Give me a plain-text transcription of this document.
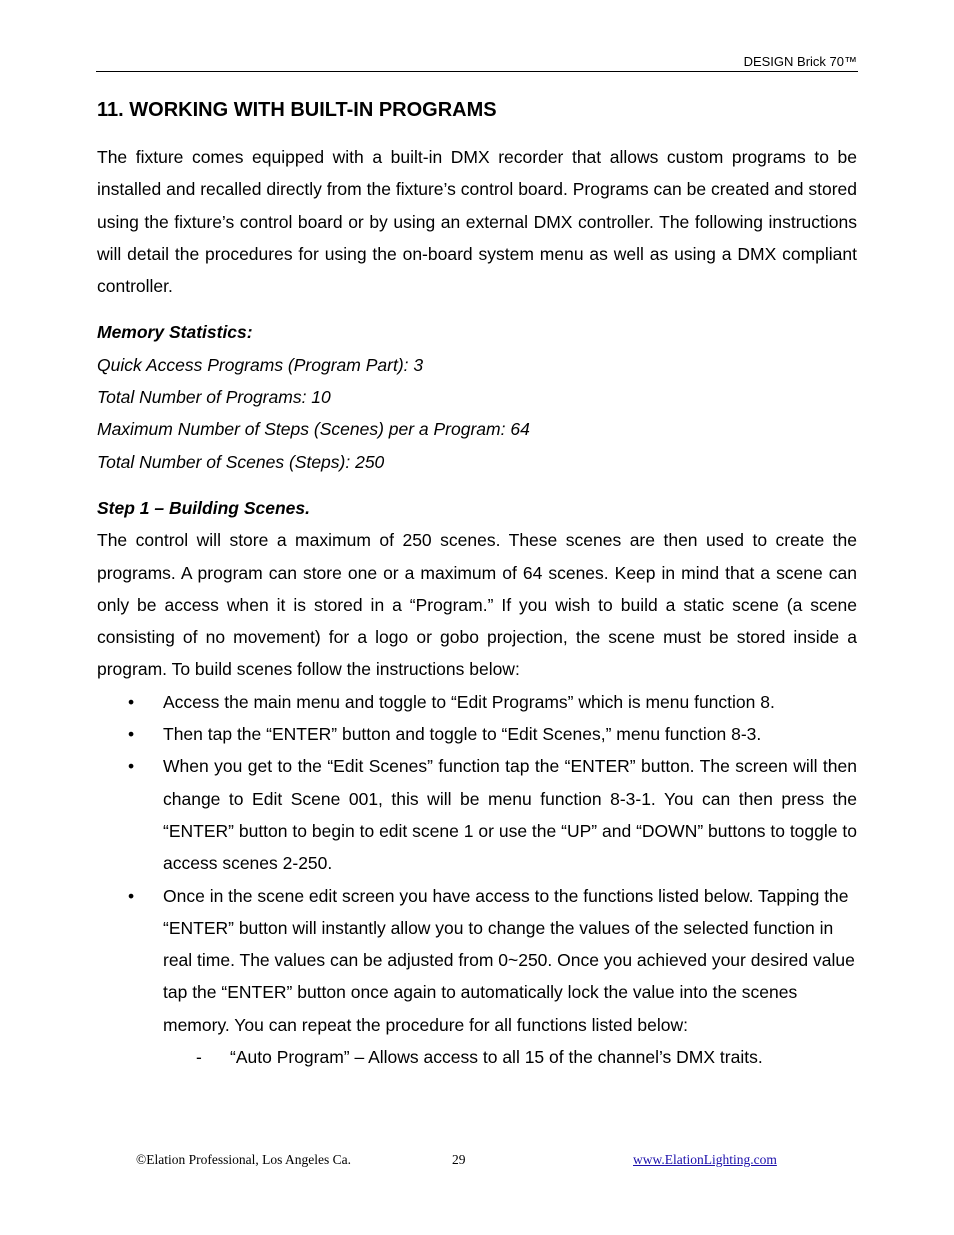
DESIGN Brick 70™
11. WORKING WITH BUILT-IN PROGRAMS

The fixture comes equipped with a built-in DMX recorder that allows custom programs to be installed and recalled directly from the fixture’s control board. Programs can be created and stored using the fixture’s control board or by using an external DMX controller. The following instructions will detail the procedures for using the on-board system menu as well as using a DMX compliant controller.

Memory Statistics:
Quick Access Programs (Program Part): 3
Total Number of Programs: 10
Maximum Number of Steps (Scenes) per a Program: 64
Total Number of Scenes (Steps): 250
Step 1 – Building Scenes.

The control will store a maximum of 250 scenes. These scenes are then used to create the programs. A program can store one or a maximum of 64 scenes. Keep in mind that a scene can only be access when it is stored in a “Program.” If you wish to build a static scene (a scene consisting of no movement) for a logo or gobo projection, the scene must be stored inside a program. To build scenes follow the instructions below:

• Access the main menu and toggle to “Edit Programs” which is menu function 8.
• Then tap the “ENTER” button and toggle to “Edit Scenes,” menu function 8-3.
• When you get to the “Edit Scenes” function tap the “ENTER” button. The screen will then change to Edit Scene 001, this will be menu function 8-3-1. You can then press the “ENTER” button to begin to edit scene 1 or use the “UP” and “DOWN” buttons to toggle to access scenes 2-250.
• Once in the scene edit screen you have access to the functions listed below. Tapping the “ENTER” button will instantly allow you to change the values of the selected function in real time. The values can be adjusted from 0~250. Once you achieved your desired value tap the “ENTER” button once again to automatically lock the value into the scenes memory. You can repeat the procedure for all functions listed below:
- “Auto Program” – Allows access to all 15 of the channel’s DMX traits.
©Elation Professional, Los Angeles Ca.	29	www.ElationLighting.com
